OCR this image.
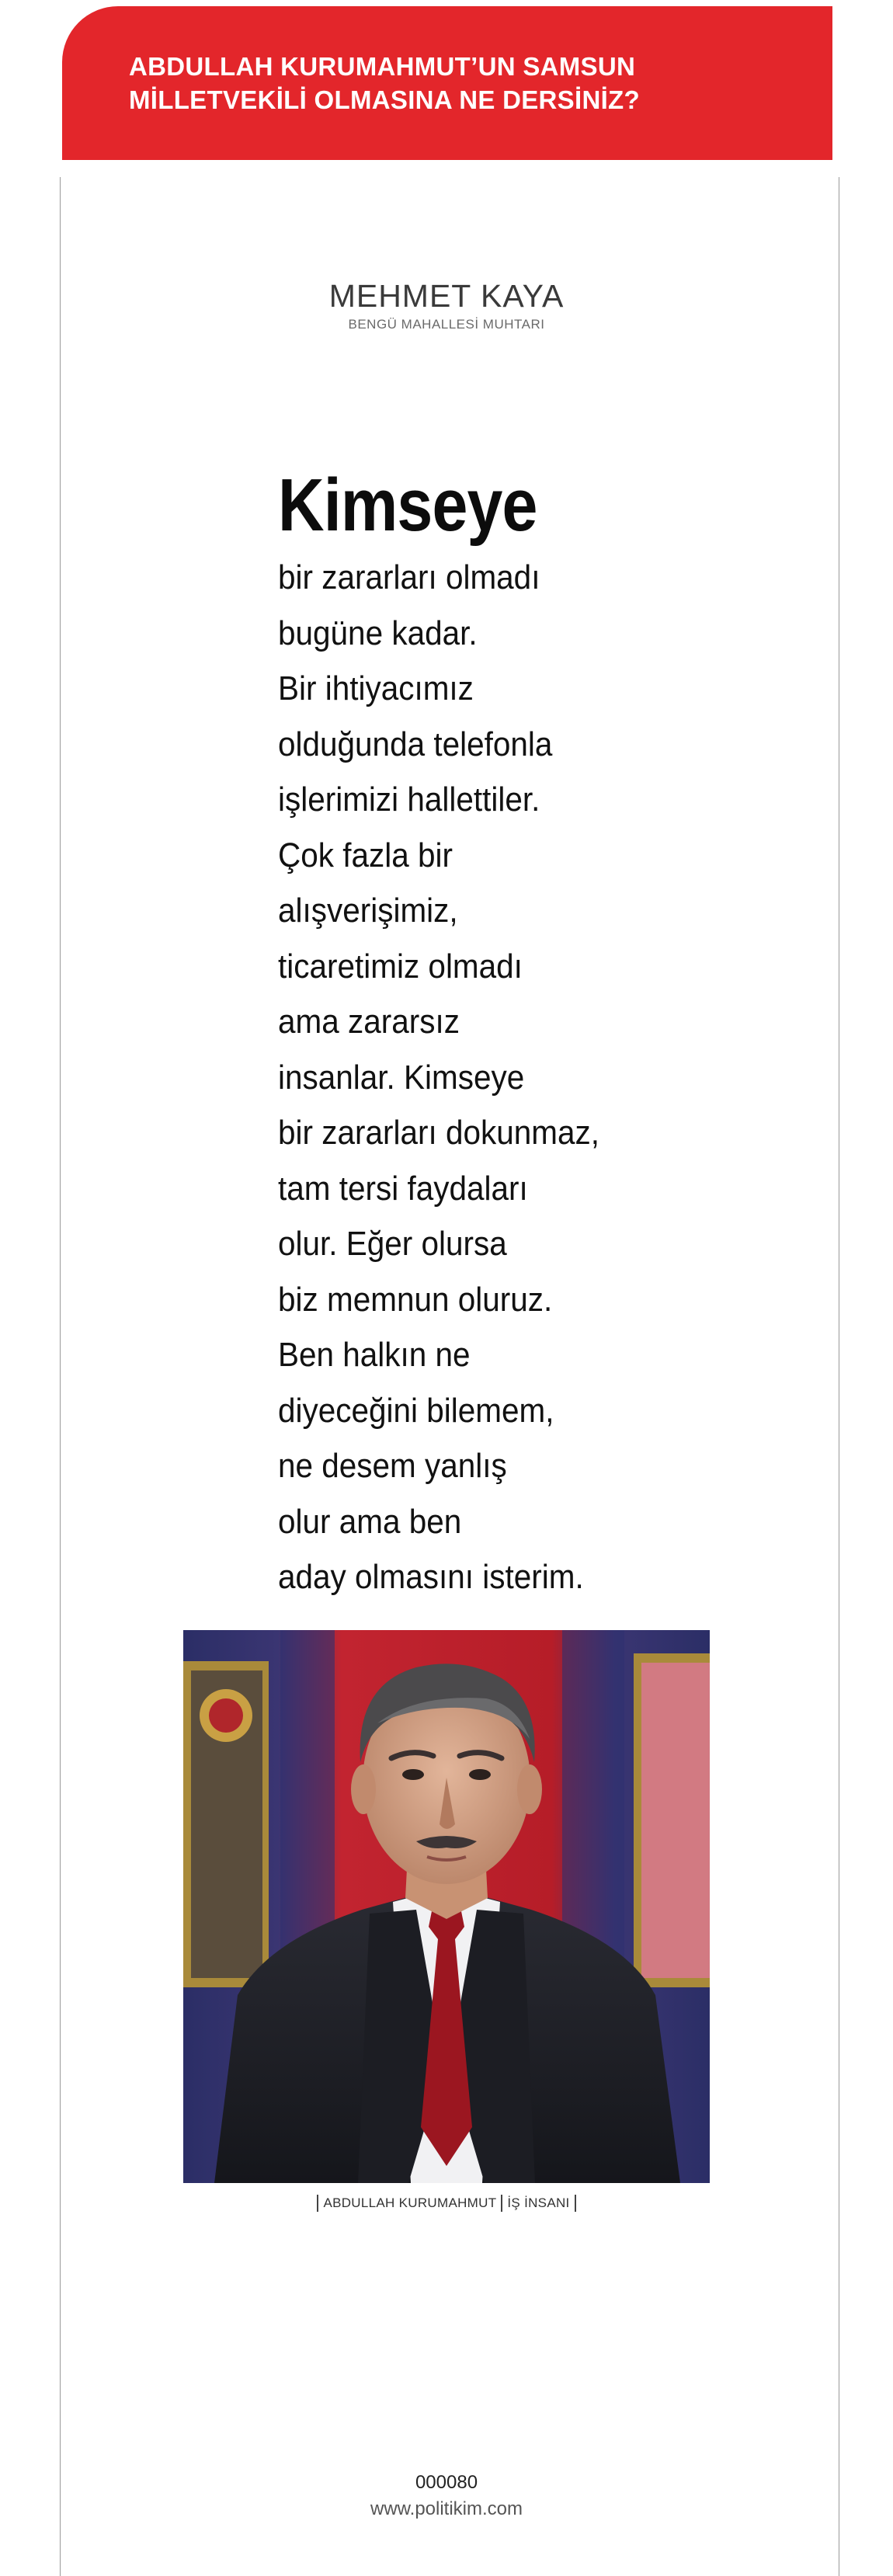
ABDULLAH KURUMAHMUT’UN SAMSUN
MİLLETVEKİLİ OLMASINA NE DERSİNİZ?

MEHMET KAYA
BENGÜ MAHALLESİ MUHTARI
Kimseye
bir zararları olmadı
bugüne kadar.
Bir ihtiyacımız
olduğunda telefonla
işlerimizi hallettiler.
Çok fazla bir
alışverişimiz,
ticaretimiz olmadı
ama zararsız
insanlar. Kimseye
bir zararları dokunmaz,
tam tersi faydaları
olur. Eğer olursa
biz memnun oluruz.
Ben halkın ne
diyeceğini bilemem,
ne desem yanlış
olur ama ben
aday olmasını isterim.
ABDULLAH KURUMAHMUT İŞ İNSANI
000080
www.politikim.com
